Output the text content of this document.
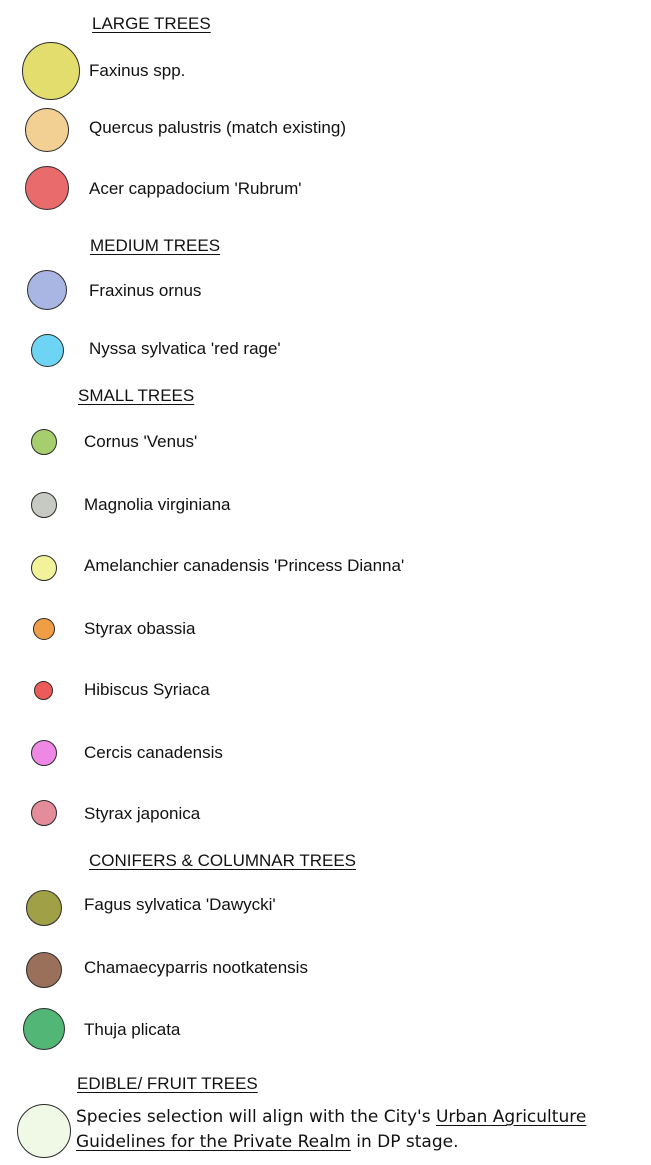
LARGE TREES
MEDIUM TREES
SMALL TREES
CONIFERS & COLUMNAR TREES
EDIBLE/ FRUIT TREES
Faxinus spp.
Quercus palustris (match existing)
Acer cappadocium 'Rubrum'
Fraxinus ornus
Nyssa sylvatica 'red rage'
Cornus 'Venus'
Magnolia virginiana
Amelanchier canadensis 'Princess Dianna'
Styrax obassia
Hibiscus Syriaca
Cercis canadensis
Styrax japonica
Fagus sylvatica 'Dawycki'
Chamaecyparris nootkatensis
Thuja plicata
Species selection will align with the City's Urban Agriculture Guidelines for the Private Realm in DP stage.
